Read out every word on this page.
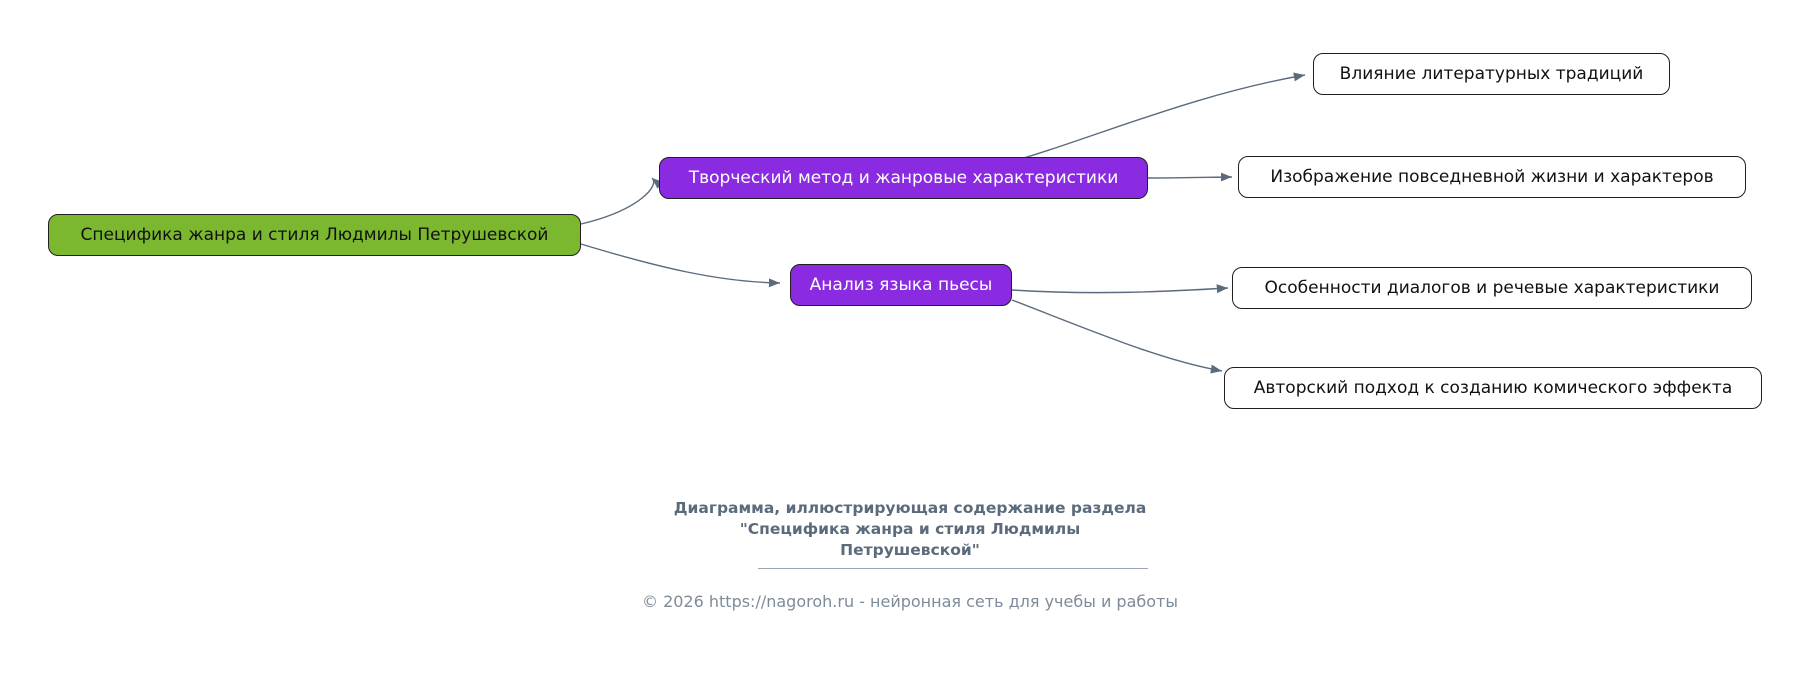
Специфика жанра и стиля Людмилы Петрушевской
Творческий метод и жанровые характеристики
Анализ языка пьесы
Влияние литературных традиций
Изображение повседневной жизни и характеров
Особенности диалогов и речевые характеристики
Авторский подход к созданию комического эффекта
Диаграмма, иллюстрирующая содержание раздела
"Специфика жанра и стиля Людмилы
Петрушевской"
© 2026 https://nagoroh.ru - нейронная сеть для учебы и работы
